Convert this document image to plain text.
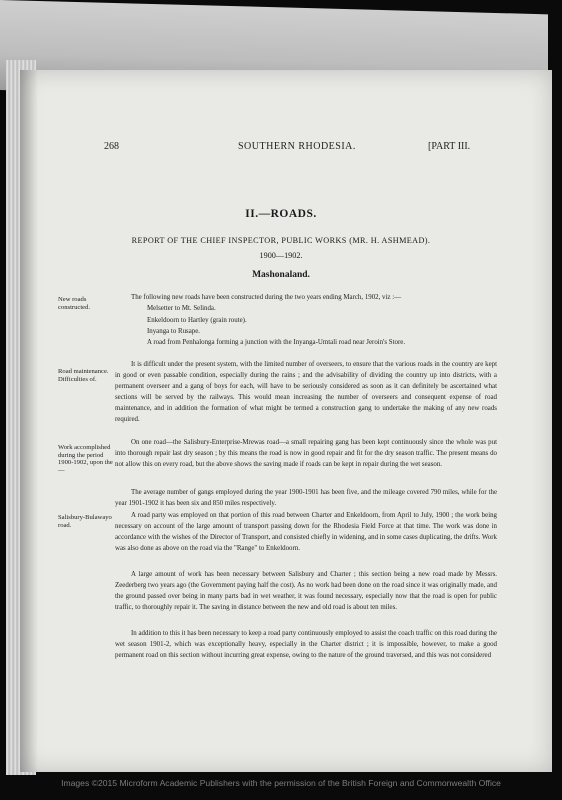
268	SOUTHERN RHODESIA.	[PART III.
II.—ROADS.
REPORT OF THE CHIEF INSPECTOR, PUBLIC WORKS (MR. H. ASHMEAD).
1900—1902.
Mashonaland.
New roads constructed.
Road maintenance. Difficulties of.
Work accomplished during the period 1900-1902, upon the—
Salisbury-Bulawayo road.

The following new roads have been constructed during the two years ending March, 1902, viz :—

Melsetter to Mt. Selinda.
Enkeldoorn to Hartley (grain route).
Inyanga to Rusape.

A road from Penhalonga forming a junction with the Inyanga-Umtali road near Jeroin's Store.

It is difficult under the present system, with the limited number of overseers, to ensure that the various roads in the country are kept in good or even passable condition, especially during the rains ; and the advisability of dividing the country up into districts, with a permanent overseer and a gang of boys for each, will have to be seriously considered as soon as it can definitely be ascertained what sections will be served by the railways. This would mean increasing the number of overseers and consequent expense of road maintenance, and in addition the formation of what might be termed a construction gang to undertake the making of any new roads required.

On one road—the Salisbury-Enterprise-Mrewas road—a small repairing gang has been kept continuously since the whole was put into thorough repair last dry season ; by this means the road is now in good repair and fit for the dry season traffic. The present means do not allow this on every road, but the above shows the saving made if roads can be kept in repair during the wet season.

The average number of gangs employed during the year 1900-1901 has been five, and the mileage covered 790 miles, while for the year 1901-1902 it has been six and 850 miles respectively.

A road party was employed on that portion of this road between Charter and Enkeldoorn, from April to July, 1900 ; the work being necessary on account of the large amount of transport passing down for the Rhodesia Field Force at that time. The work was done in accordance with the wishes of the Director of Transport, and consisted chiefly in widening, and in some cases duplicating, the drifts. Work was also done as above on the road via the "Range" to Enkeldoorn.

A large amount of work has been necessary between Salisbury and Charter ; this section being a new road made by Messrs. Zeederberg two years ago (the Government paying half the cost). As no work had been done on the road since it was originally made, and the ground passed over being in many parts bad in wet weather, it was found necessary, especially now that the road is open for public traffic, to thoroughly repair it. The saving in distance between the new and old road is about ten miles.

In addition to this it has been necessary to keep a road party continuously employed to assist the coach traffic on this road during the wet season 1901-2, which was exceptionally heavy, especially in the Charter district ; it is impossible, however, to make a good permanent road on this section without incurring great expense, owing to the nature of the ground traversed, and this was not considered

Images ©2015 Microform Academic Publishers with the permission of the British Foreign and Commonwealth Office
